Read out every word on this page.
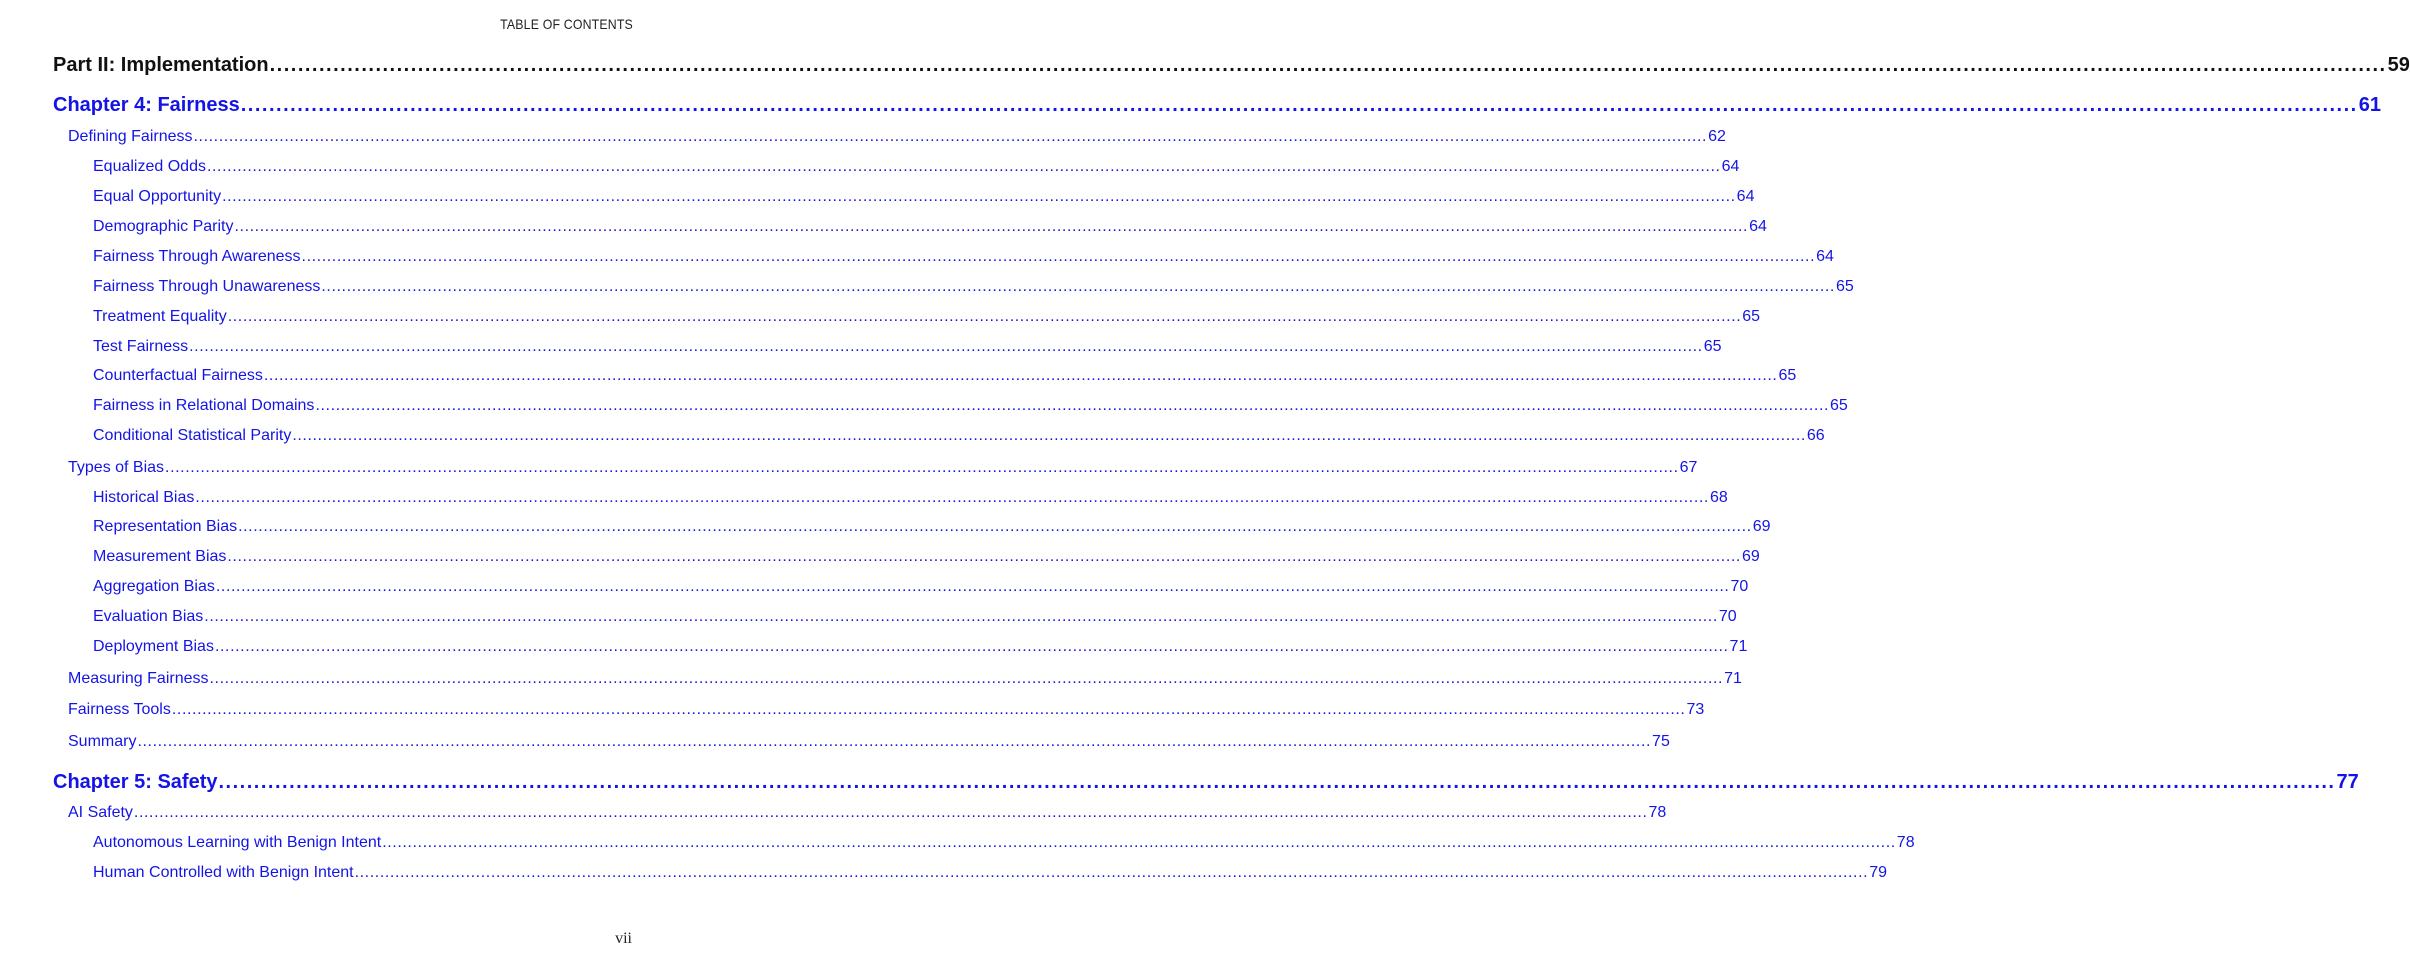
TABLE OF CONTENTS
Part II: Implementation ............................................................................................................................................................................................................................................................................................................ 59
Chapter 4: Fairness ............................................................................................................................................................................................................................................................................................................ 61
Defining Fairness ............................................................................................................................................................................................................................................................................................................ 62
Equalized Odds ............................................................................................................................................................................................................................................................................................................ 64
Equal Opportunity ............................................................................................................................................................................................................................................................................................................ 64
Demographic Parity ............................................................................................................................................................................................................................................................................................................ 64
Fairness Through Awareness ............................................................................................................................................................................................................................................................................................................ 64
Fairness Through Unawareness ............................................................................................................................................................................................................................................................................................................ 65
Treatment Equality ............................................................................................................................................................................................................................................................................................................ 65
Test Fairness ............................................................................................................................................................................................................................................................................................................ 65
Counterfactual Fairness ............................................................................................................................................................................................................................................................................................................ 65
Fairness in Relational Domains ............................................................................................................................................................................................................................................................................................................ 65
Conditional Statistical Parity ............................................................................................................................................................................................................................................................................................................ 66
Types of Bias ............................................................................................................................................................................................................................................................................................................ 67
Historical Bias ............................................................................................................................................................................................................................................................................................................ 68
Representation Bias ............................................................................................................................................................................................................................................................................................................ 69
Measurement Bias ............................................................................................................................................................................................................................................................................................................ 69
Aggregation Bias ............................................................................................................................................................................................................................................................................................................ 70
Evaluation Bias ............................................................................................................................................................................................................................................................................................................ 70
Deployment Bias ............................................................................................................................................................................................................................................................................................................ 71
Measuring Fairness ............................................................................................................................................................................................................................................................................................................ 71
Fairness Tools ............................................................................................................................................................................................................................................................................................................ 73
Summary ............................................................................................................................................................................................................................................................................................................ 75
Chapter 5: Safety ............................................................................................................................................................................................................................................................................................................ 77
AI Safety ............................................................................................................................................................................................................................................................................................................ 78
Autonomous Learning with Benign Intent ............................................................................................................................................................................................................................................................................................................ 78
Human Controlled with Benign Intent ............................................................................................................................................................................................................................................................................................................ 79
vii
